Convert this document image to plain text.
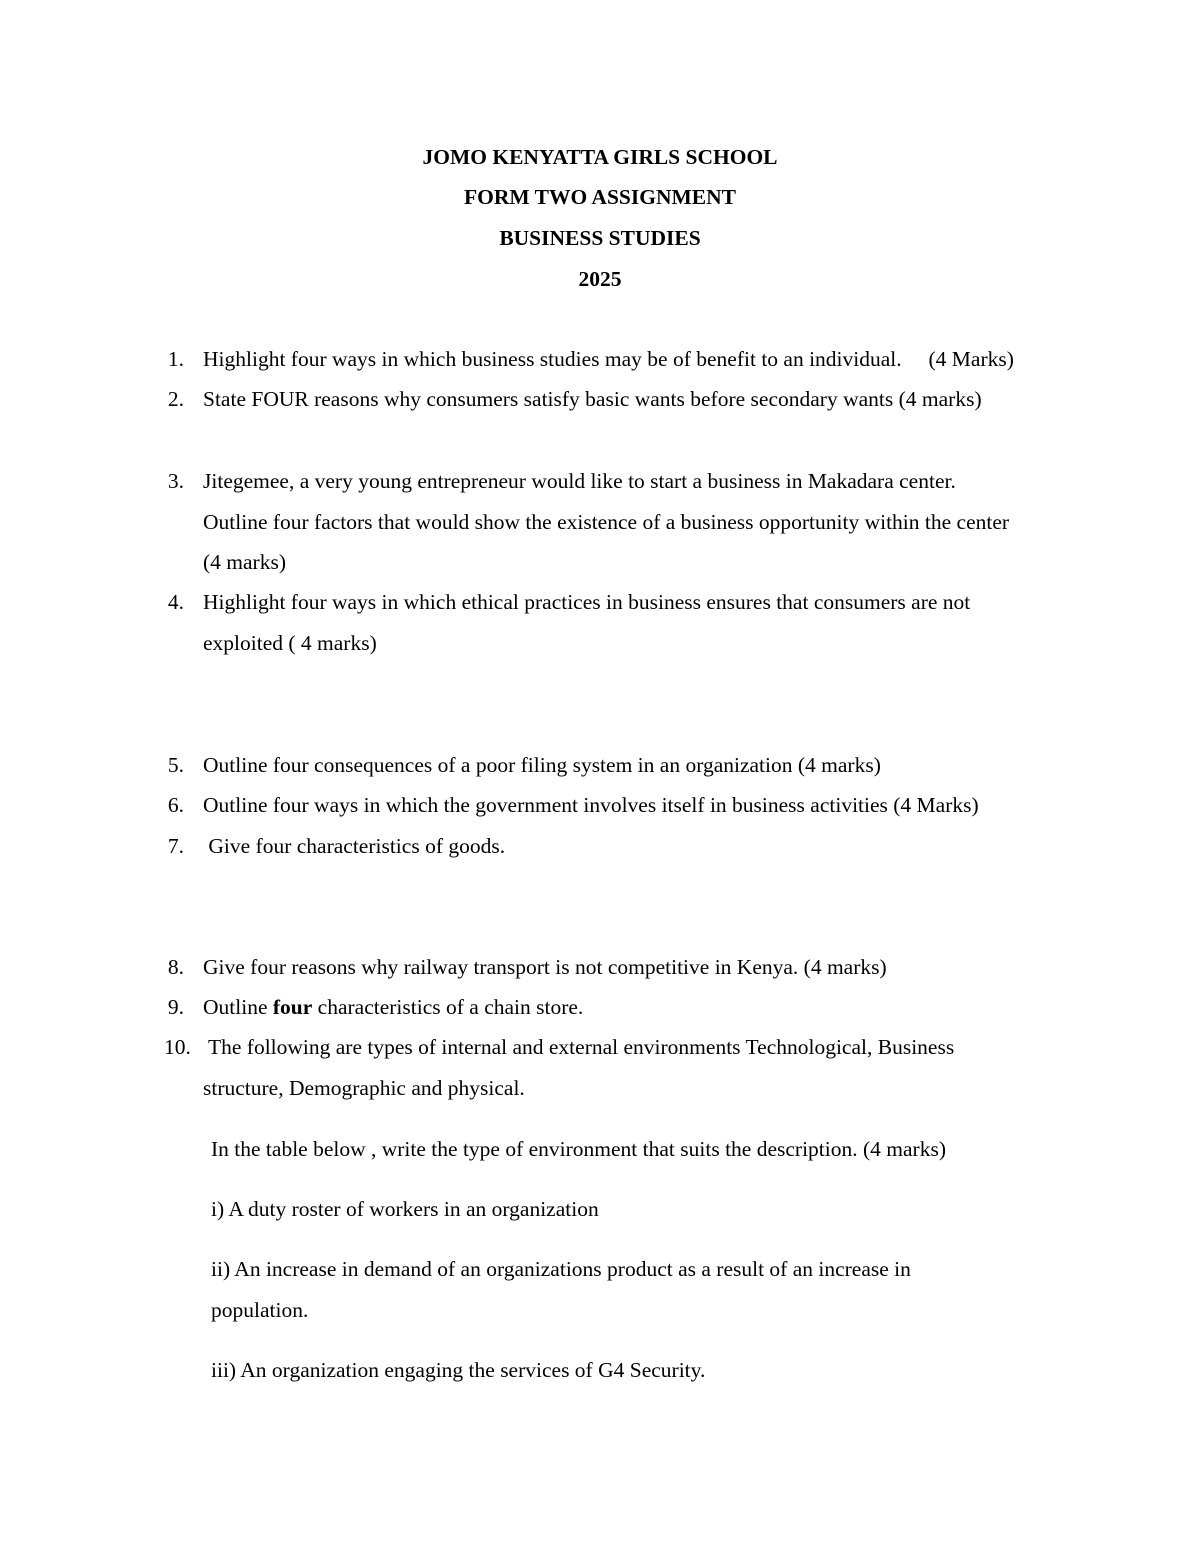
JOMO KENYATTA GIRLS SCHOOL
FORM TWO ASSIGNMENT
BUSINESS STUDIES
2025
1. Highlight four ways in which business studies may be of benefit to an individual.     (4 Marks)
2. State FOUR reasons why consumers satisfy basic wants before secondary wants (4 marks)
3. Jitegemee, a very young entrepreneur would like to start a business in Makadara center.
Outline four factors that would show the existence of a business opportunity within the center
(4 marks)
4. Highlight four ways in which ethical practices in business ensures that consumers are not
exploited ( 4 marks)
5. Outline four consequences of a poor filing system in an organization (4 marks)
6. Outline four ways in which the government involves itself in business activities (4 Marks)
7. Give four characteristics of goods.
8. Give four reasons why railway transport is not competitive in Kenya. (4 marks)
9. Outline four characteristics of a chain store.
10. The following are types of internal and external environments Technological, Business
structure, Demographic and physical.
In the table below , write the type of environment that suits the description. (4 marks)
i) A duty roster of workers in an organization
ii) An increase in demand of an organizations product as a result of an increase in
population.
iii) An organization engaging the services of G4 Security.
